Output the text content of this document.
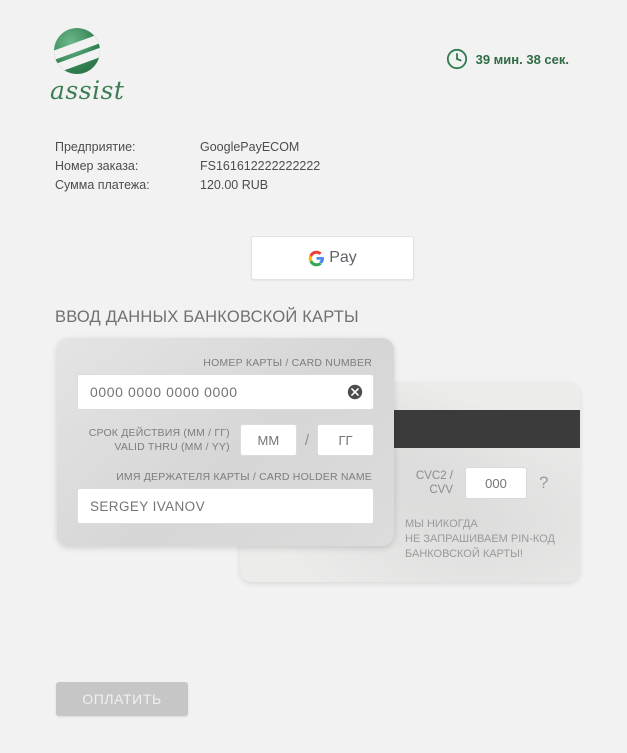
assist
39 мин. 38 сек.
Предприятие:	GooglePayECOM
Номер заказа:	FS161612222222222
Сумма платежа:	120.00 RUB
Pay
ВВОД ДАННЫХ БАНКОВСКОЙ КАРТЫ
CVC2 / CVV
000	?
МЫ НИКОГДА
НЕ ЗАПРАШИВАЕМ PIN-КОД
БАНКОВСКОЙ КАРТЫ!
НОМЕР КАРТЫ / CARD NUMBER
0000 0000 0000 0000
СРОК ДЕЙСТВИЯ (ММ / ГГ)
VALID THRU (MM / YY)
ММ	/
ГГ
ИМЯ ДЕРЖАТЕЛЯ КАРТЫ / CARD HOLDER NAME
SERGEY IVANOV
ОПЛАТИТЬ
